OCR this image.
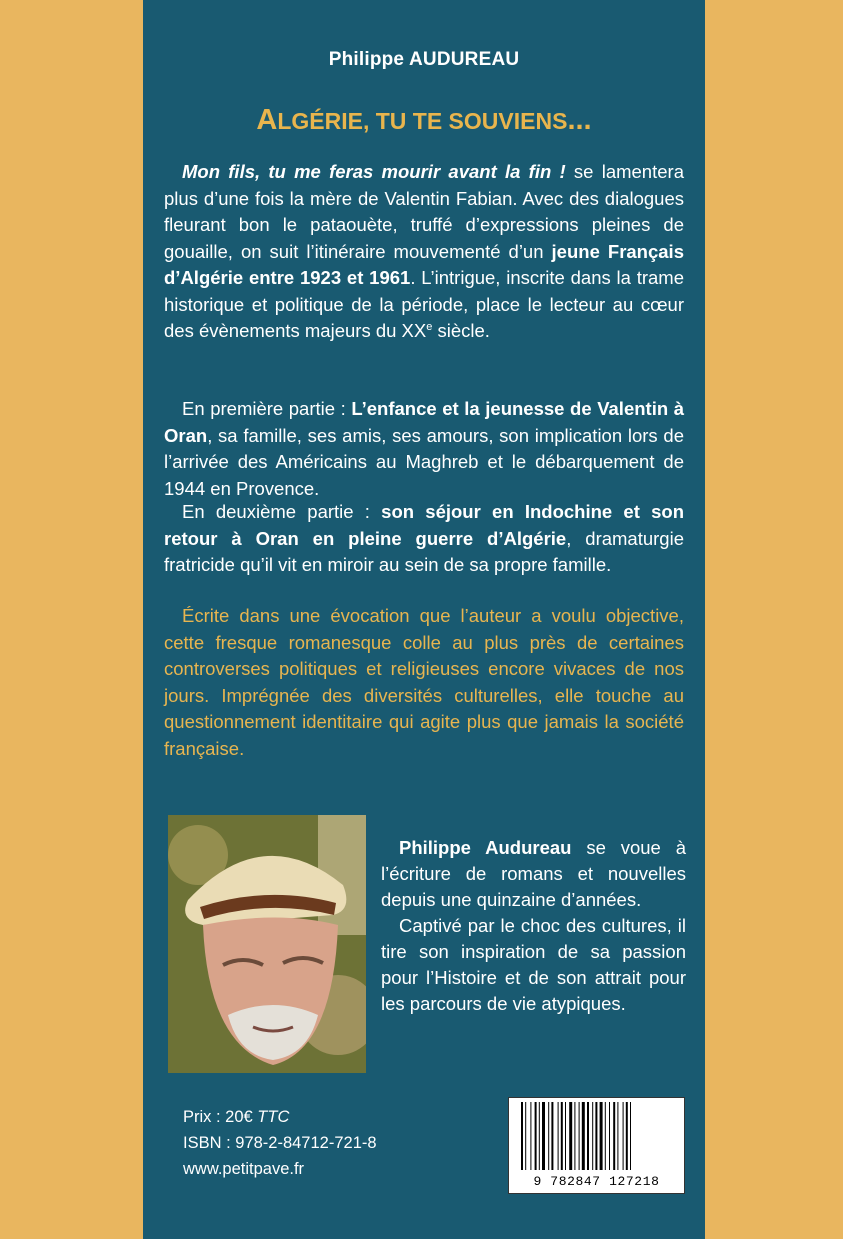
Philippe AUDUREAU
ALGÉRIE, TU TE SOUVIENS...
Mon fils, tu me feras mourir avant la fin ! se lamentera plus d’une fois la mère de Valentin Fabian. Avec des dialogues fleurant bon le pataouète, truffé d’expressions pleines de gouaille, on suit l’itinéraire mouvementé d’un jeune Français d’Algérie entre 1923 et 1961. L’intrigue, inscrite dans la trame historique et politique de la période, place le lecteur au cœur des évènements majeurs du XXe siècle.
En première partie : L’enfance et la jeunesse de Valentin à Oran, sa famille, ses amis, ses amours, son implication lors de l’arrivée des Américains au Maghreb et le débarquement de 1944 en Provence.
En deuxième partie : son séjour en Indochine et son retour à Oran en pleine guerre d’Algérie, dramaturgie fratricide qu’il vit en miroir au sein de sa propre famille.
Écrite dans une évocation que l’auteur a voulu objective, cette fresque romanesque colle au plus près de certaines controverses politiques et religieuses encore vivaces de nos jours. Imprégnée des diversités culturelles, elle touche au questionnement identitaire qui agite plus que jamais la société française.
Philippe Audureau se voue à l’écriture de romans et nouvelles depuis une quinzaine d’années.
Captivé par le choc des cultures, il tire son inspiration de sa passion pour l’Histoire et de son attrait pour les parcours de vie atypiques.
Prix : 20€ TTC
ISBN : 978-2-84712-721-8
www.petitpave.fr
9 782847 127218
